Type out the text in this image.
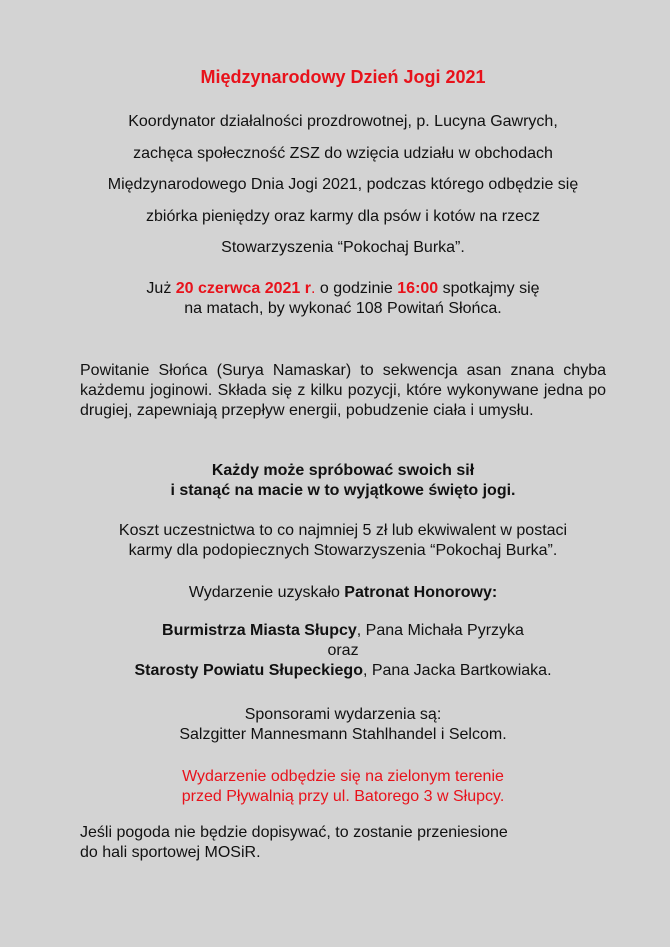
Międzynarodowy Dzień Jogi 2021
Koordynator działalności prozdrowotnej, p. Lucyna Gawrych,
zachęca społeczność ZSZ do wzięcia udziału w obchodach
Międzynarodowego Dnia Jogi 2021, podczas którego odbędzie się
zbiórka pieniędzy oraz karmy dla psów i kotów na rzecz
Stowarzyszenia “Pokochaj Burka”.
Już 20 czerwca 2021 r. o godzinie 16:00 spotkajmy się
na matach, by wykonać 108 Powitań Słońca.
Powitanie Słońca (Surya Namaskar) to sekwencja asan znana chyba każdemu joginowi. Składa się z kilku pozycji, które wykonywane jedna po drugiej, zapewniają przepływ energii, pobudzenie ciała i umysłu.
Każdy może spróbować swoich sił
i stanąć na macie w to wyjątkowe święto jogi.
Koszt uczestnictwa to co najmniej 5 zł lub ekwiwalent w postaci
karmy dla podopiecznych Stowarzyszenia “Pokochaj Burka”.
Wydarzenie uzyskało Patronat Honorowy:
Burmistrza Miasta Słupcy, Pana Michała Pyrzyka
oraz
Starosty Powiatu Słupeckiego, Pana Jacka Bartkowiaka.
Sponsorami wydarzenia są:
Salzgitter Mannesmann Stahlhandel i Selcom.
Wydarzenie odbędzie się na zielonym terenie
przed Pływalnią przy ul. Batorego 3 w Słupcy.
Jeśli pogoda nie będzie dopisywać, to zostanie przeniesione
do hali sportowej MOSiR.
